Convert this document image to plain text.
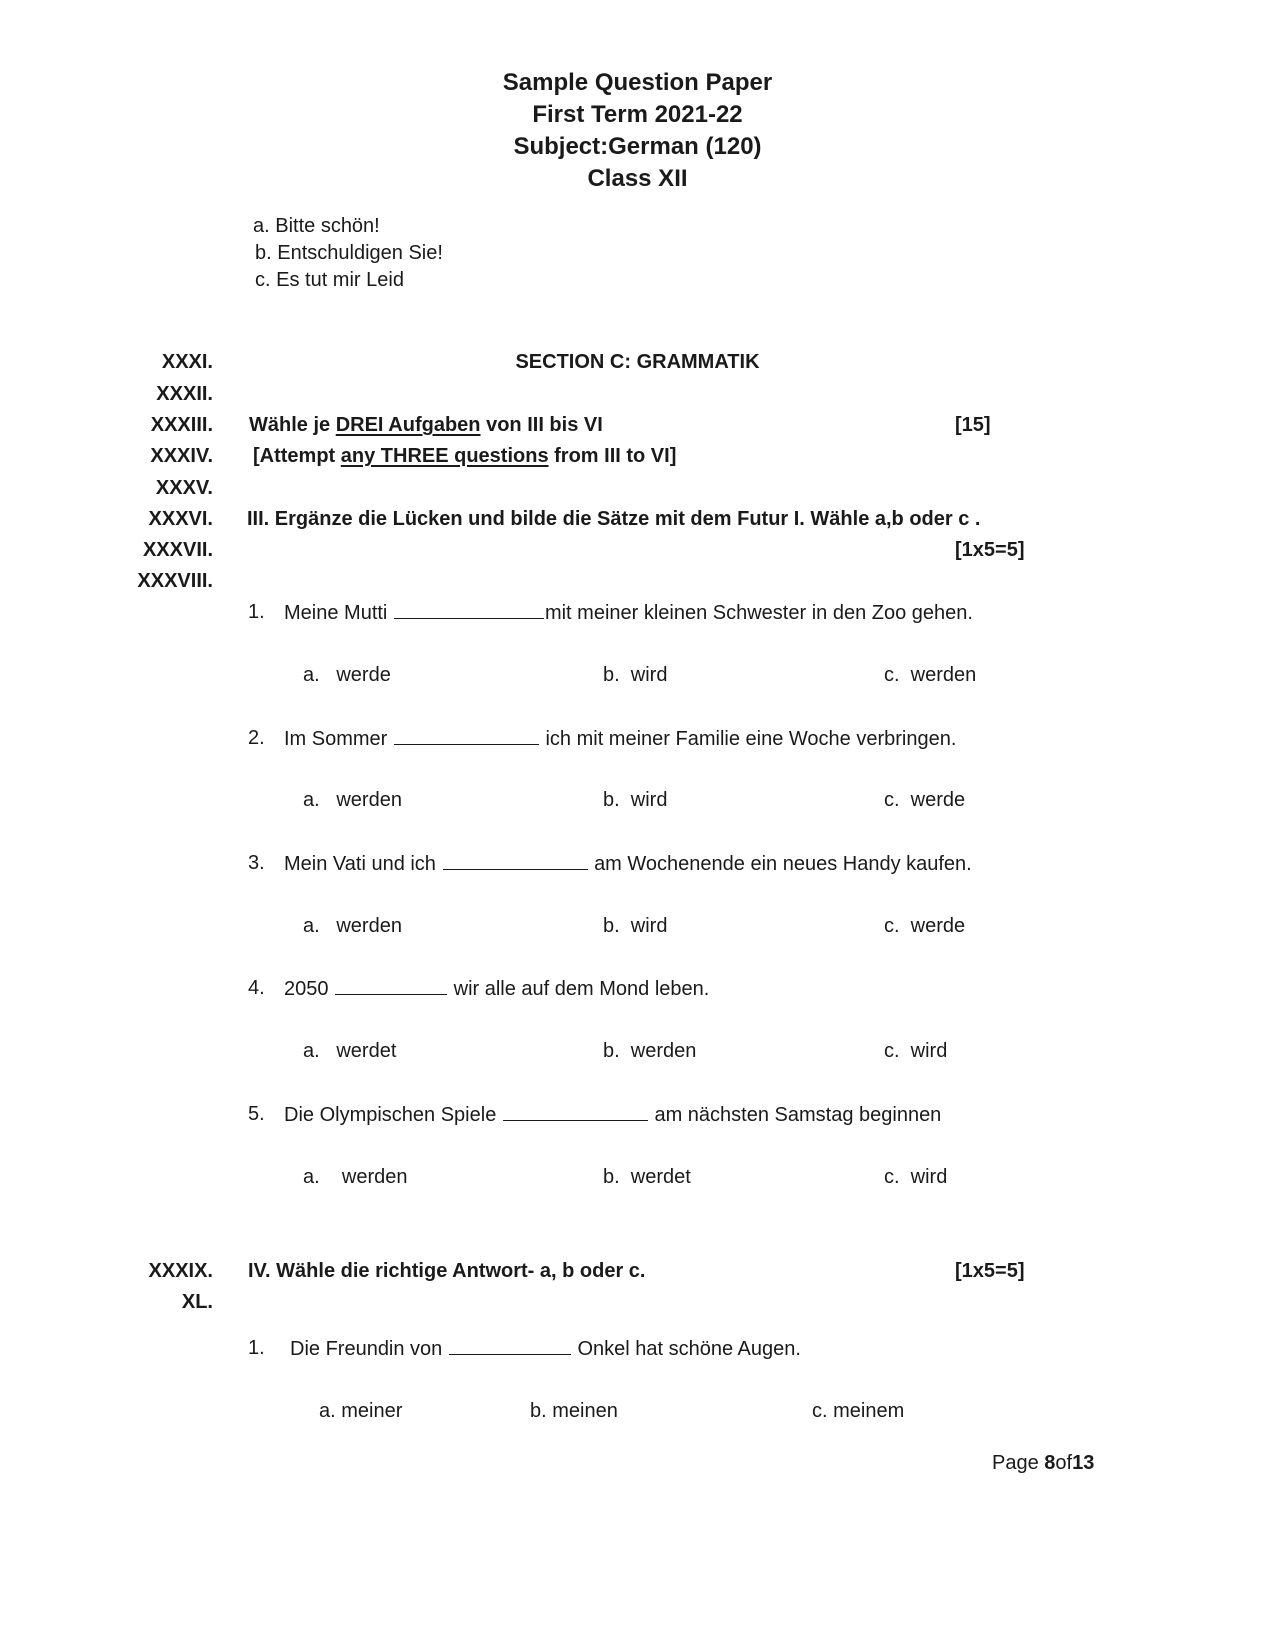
Sample Question Paper
First Term 2021-22
Subject:German (120)
Class XII
a. Bitte schön!
b. Entschuldigen Sie!
c. Es tut mir Leid
XXXI.
XXXII.
XXXIII.
XXXIV.
XXXV.
XXXVI.
XXXVII.
XXXVIII.
XXXIX.
XL.
SECTION C: GRAMMATIK
Wähle je DREI Aufgaben von III bis VI	[15]
[Attempt any THREE questions from III to VI]
III. Ergänze die Lücken und bilde die Sätze mit dem Futur I. Wähle a,b oder c .
[1x5=5]
1. Meine Mutti	mit meiner kleinen Schwester in den Zoo gehen.
a.   werde	b.  wird	c.  werden
2. Im Sommer	ich mit meiner Familie eine Woche verbringen.
a.   werden	b.  wird	c.  werde
3. Mein Vati und ich	am Wochenende ein neues Handy kaufen.
a.   werden	b.  wird	c.  werde
4. 2050	wir alle auf dem Mond leben.
a.   werdet	b.  werden	c.  wird
5. Die Olympischen Spiele	am nächsten Samstag beginnen
a.    werden	b.  werdet	c.  wird
IV. Wähle die richtige Antwort- a, b oder c.	[1x5=5]
1. Die Freundin von	Onkel hat schöne Augen.
a. meiner	b. meinen	c. meinem
Page 8of13
